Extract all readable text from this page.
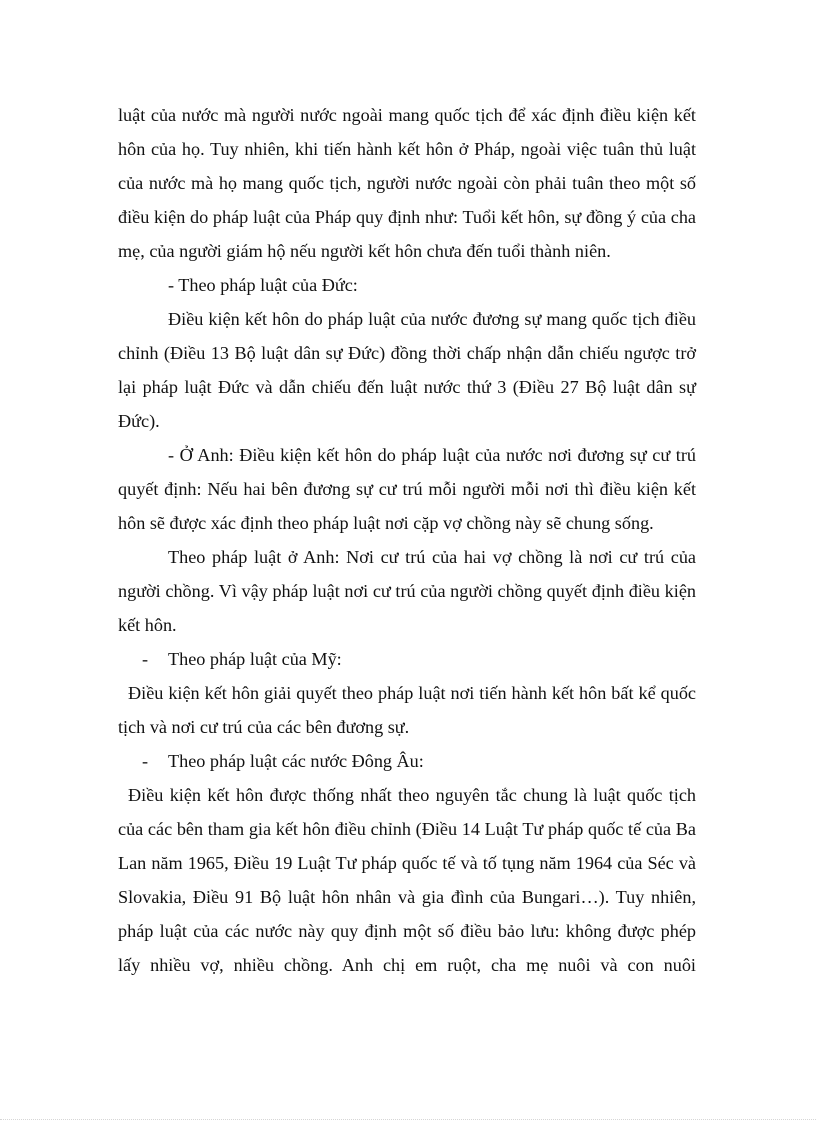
luật của nước mà người nước ngoài mang quốc tịch để xác định điều kiện kết hôn của họ. Tuy nhiên, khi tiến hành kết hôn ở Pháp, ngoài việc tuân thủ luật của nước mà họ mang quốc tịch, người nước ngoài còn phải tuân theo một số điều kiện do pháp luật của Pháp quy định như: Tuổi kết hôn, sự đồng ý của cha mẹ, của người giám hộ nếu người kết hôn chưa đến tuổi thành niên.

- Theo pháp luật của Đức:

Điều kiện kết hôn do pháp luật của nước đương sự mang quốc tịch điều chỉnh (Điều 13 Bộ luật dân sự Đức) đồng thời chấp nhận dẫn chiếu ngược trở lại pháp luật Đức và dẫn chiếu đến luật nước thứ 3 (Điều 27 Bộ luật dân sự Đức).

- Ở Anh: Điều kiện kết hôn do pháp luật của nước nơi đương sự cư trú quyết định: Nếu hai bên đương sự cư trú mỗi người mỗi nơi thì điều kiện kết hôn sẽ được xác định theo pháp luật nơi cặp vợ chồng này sẽ chung sống.

Theo pháp luật ở Anh: Nơi cư trú của hai vợ chồng là nơi cư trú của người chồng. Vì vậy pháp luật nơi cư trú của người chồng quyết định điều kiện kết hôn.

- Theo pháp luật của Mỹ:

Điều kiện kết hôn giải quyết theo pháp luật nơi tiến hành kết hôn bất kể quốc tịch và nơi cư trú của các bên đương sự.

- Theo pháp luật các nước Đông Âu:

Điều kiện kết hôn được thống nhất theo nguyên tắc chung là luật quốc tịch của các bên tham gia kết hôn điều chỉnh (Điều 14 Luật Tư pháp quốc tế của Ba Lan năm 1965, Điều 19 Luật Tư pháp quốc tế và tố tụng năm 1964 của Séc và Slovakia, Điều 91 Bộ luật hôn nhân và gia đình của Bungari…). Tuy nhiên, pháp luật của các nước này quy định một số điều bảo lưu: không được phép lấy nhiều vợ, nhiều chồng. Anh chị em ruột, cha mẹ nuôi và con nuôi
